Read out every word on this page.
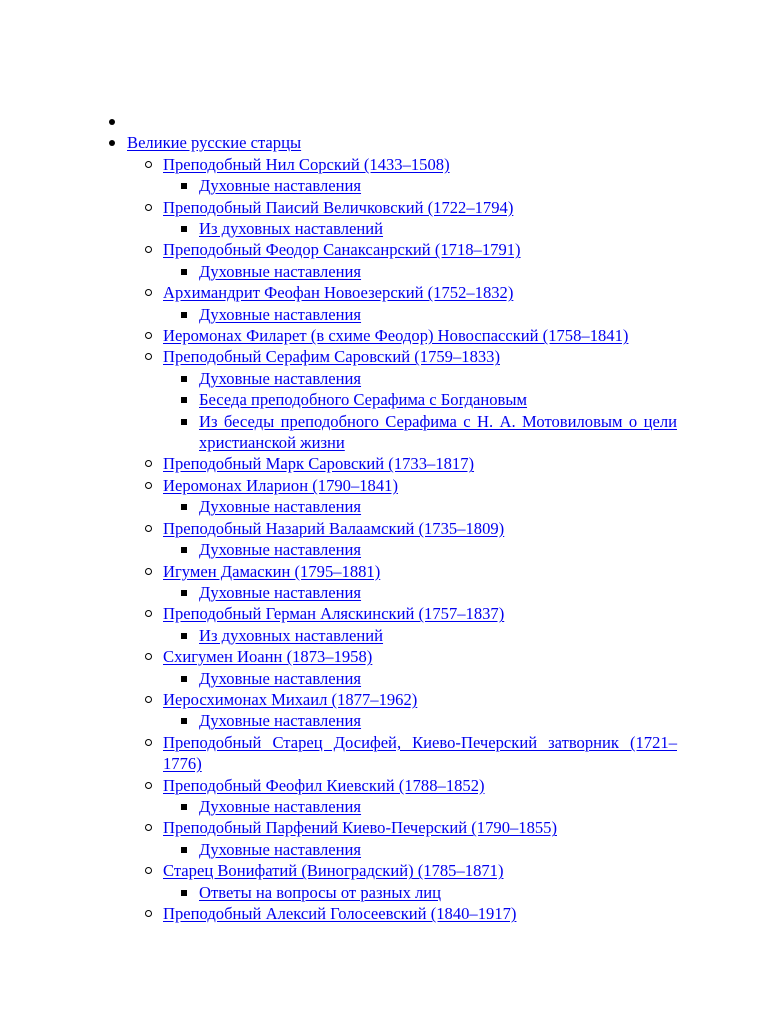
Великие русские старцы
Преподобный Нил Сорский (1433–1508)
Духовные наставления
Преподобный Паисий Величковский (1722–1794)
Из духовных наставлений
Преподобный Феодор Санаксанрский (1718–1791)
Духовные наставления
Архимандрит Феофан Новоезерский (1752–1832)
Духовные наставления
Иеромонах Филарет (в схиме Феодор) Новоспасский (1758–1841)
Преподобный Серафим Саровский (1759–1833)
Духовные наставления
Беседа преподобного Серафима с Богдановым
Из беседы преподобного Серафима с Н. А. Мотовиловым о цели христианской жизни
Преподобный Марк Саровский (1733–1817)
Иеромонах Иларион (1790–1841)
Духовные наставления
Преподобный Назарий Валаамский (1735–1809)
Духовные наставления
Игумен Дамаскин (1795–1881)
Духовные наставления
Преподобный Герман Аляскинский (1757–1837)
Из духовных наставлений
Схигумен Иоанн (1873–1958)
Духовные наставления
Иеросхимонах Михаил (1877–1962)
Духовные наставления
Преподобный Старец Досифей, Киево-Печерский затворник (1721–1776)
Преподобный Феофил Киевский (1788–1852)
Духовные наставления
Преподобный Парфений Киево-Печерский (1790–1855)
Духовные наставления
Старец Вонифатий (Виноградский) (1785–1871)
Ответы на вопросы от разных лиц
Преподобный Алексий Голосеевский (1840–1917)
